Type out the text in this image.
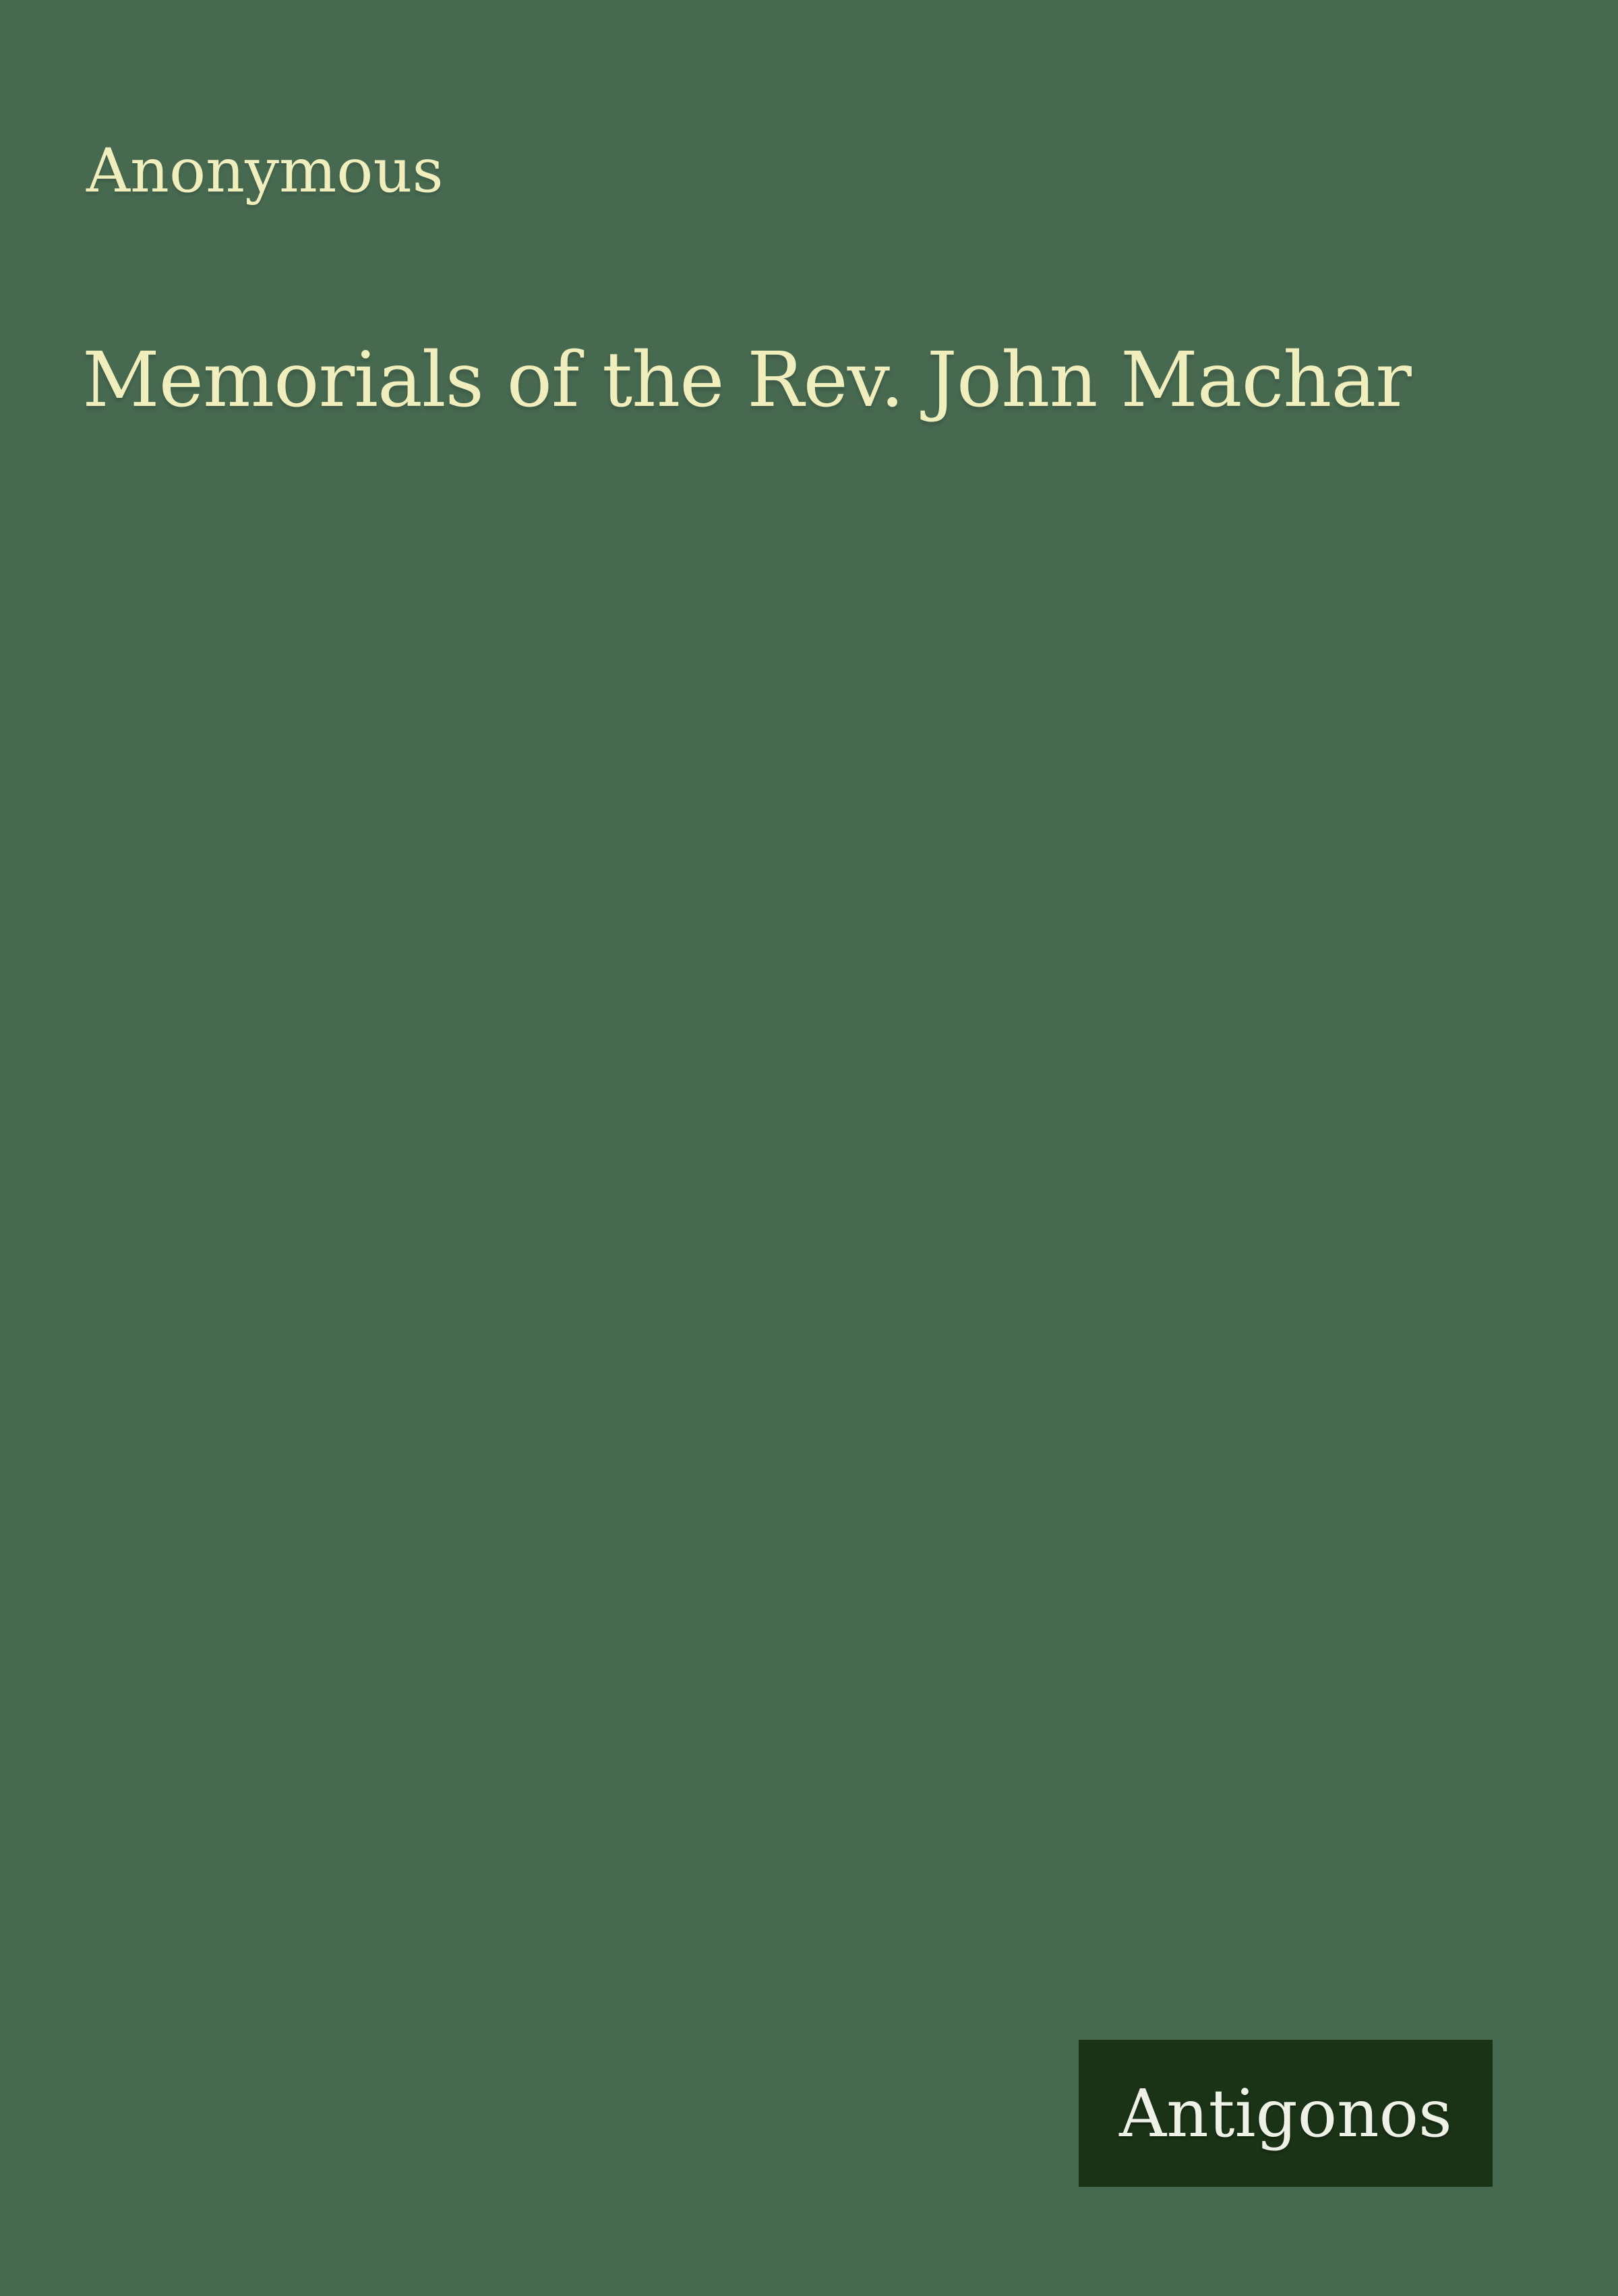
Anonymous
Memorials of the Rev. John Machar
Antigonos
